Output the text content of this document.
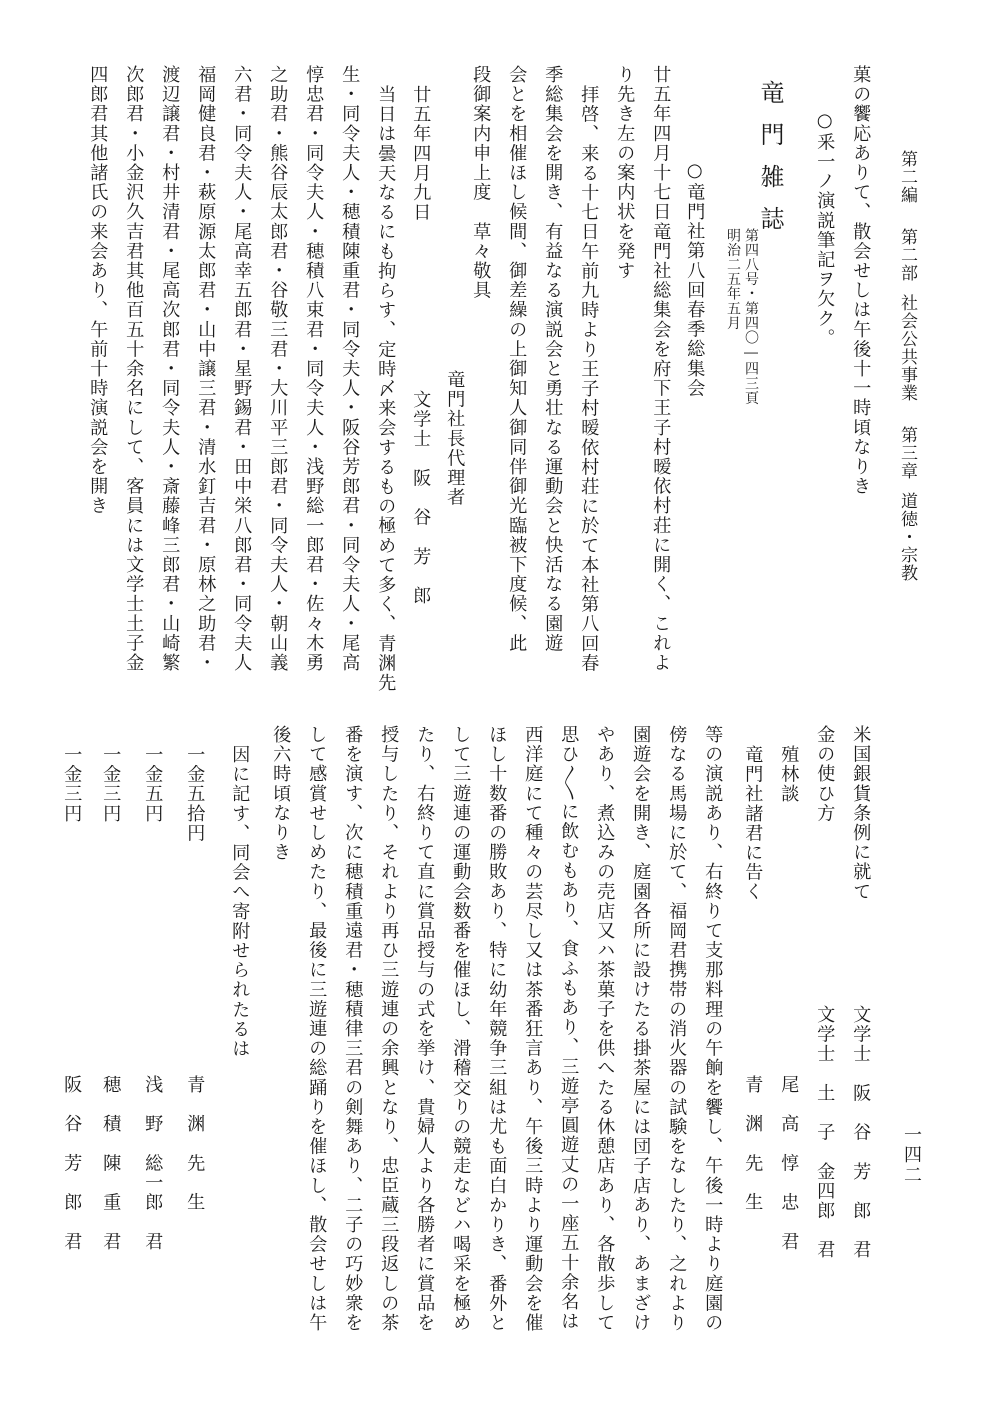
第二編第二部社会公共事業第三章道徳・宗教
一四二
菓の饗応ありて、散会せしは午後十一時頃なりき
○釆一ノ演説筆記ヲ欠ク。
竜門雑誌
第四八号・第四〇―四三頁
明治二五年五月
○竜門社第八回春季総集会
廿五年四月十七日竜門社総集会を府下王子村暧依村荘に開く、これよ
り先き左の案内状を発す
拝啓、来る十七日午前九時より王子村暧依村荘に於て本社第八回春
季総集会を開き、有益なる演説会と勇壮なる運動会と快活なる園遊
会とを相催ほし候間、御差繰の上御知人御同伴御光臨被下度候、此
段御案内申上度　草々敬具
竜門社長代理者
廿五年四月九日
文学士　阪　谷　芳　郎
当日は曇天なるにも拘らす、定時〆来会するもの極めて多く、青渊先
生・同令夫人・穂積陳重君・同令夫人・阪谷芳郎君・同令夫人・尾高
惇忠君・同令夫人・穂積八束君・同令夫人・浅野総一郎君・佐々木勇
之助君・熊谷辰太郎君・谷敬三君・大川平三郎君・同令夫人・朝山義
六君・同令夫人・尾高幸五郎君・星野錫君・田中栄八郎君・同令夫人
福岡健良君・萩原源太郎君・山中譲三君・清水釘吉君・原林之助君・
渡辺譲君・村井清君・尾高次郎君・同令夫人・斎藤峰三郎君・山崎繁
次郎君・小金沢久吉君其他百五十余名にして、客員には文学士土子金
四郎君其他諸氏の来会あり、午前十時演説会を開き
米国銀貨条例に就て
文学士　阪　谷　芳　郎　君
金の使ひ方
文学士　土　子　金四郎　君
殖林談
尾　高　惇　忠　君
竜門社諸君に告く
青　渊　先　生
等の演説あり、右終りて支那料理の午餉を饗し、午後一時より庭園の
傍なる馬場に於て、福岡君携帯の消火器の試験をなしたり、之れより
園遊会を開き、庭園各所に設けたる掛茶屋には団子店あり、あまざけ
やあり、煮込みの売店又ハ茶菓子を供へたる休憩店あり、各散歩して
思ひ〳〵に飲むもあり、食ふもあり、三遊亭圓遊丈の一座五十余名は
西洋庭にて種々の芸尽し又は茶番狂言あり、午後三時より運動会を催
ほし十数番の勝敗あり、特に幼年競争三組は尤も面白かりき、番外と
して三遊連の運動会数番を催ほし、滑稽交りの競走などハ喝采を極め
たり、右終りて直に賞品授与の式を挙け、貴婦人より各勝者に賞品を
授与したり、それより再ひ三遊連の余興となり、忠臣蔵三段返しの茶
番を演す、次に穂積重遠君・穂積律三君の剣舞あり、二子の巧妙衆を
して感賞せしめたり、最後に三遊連の総踊りを催ほし、散会せしは午
後六時頃なりき
因に記す、同会へ寄附せられたるは
一金五拾円
青　渊　先　生
一金五円
浅　野　総一郎　君
一金三円
穂　積　陳　重　君
一金三円
阪　谷　芳　郎　君
